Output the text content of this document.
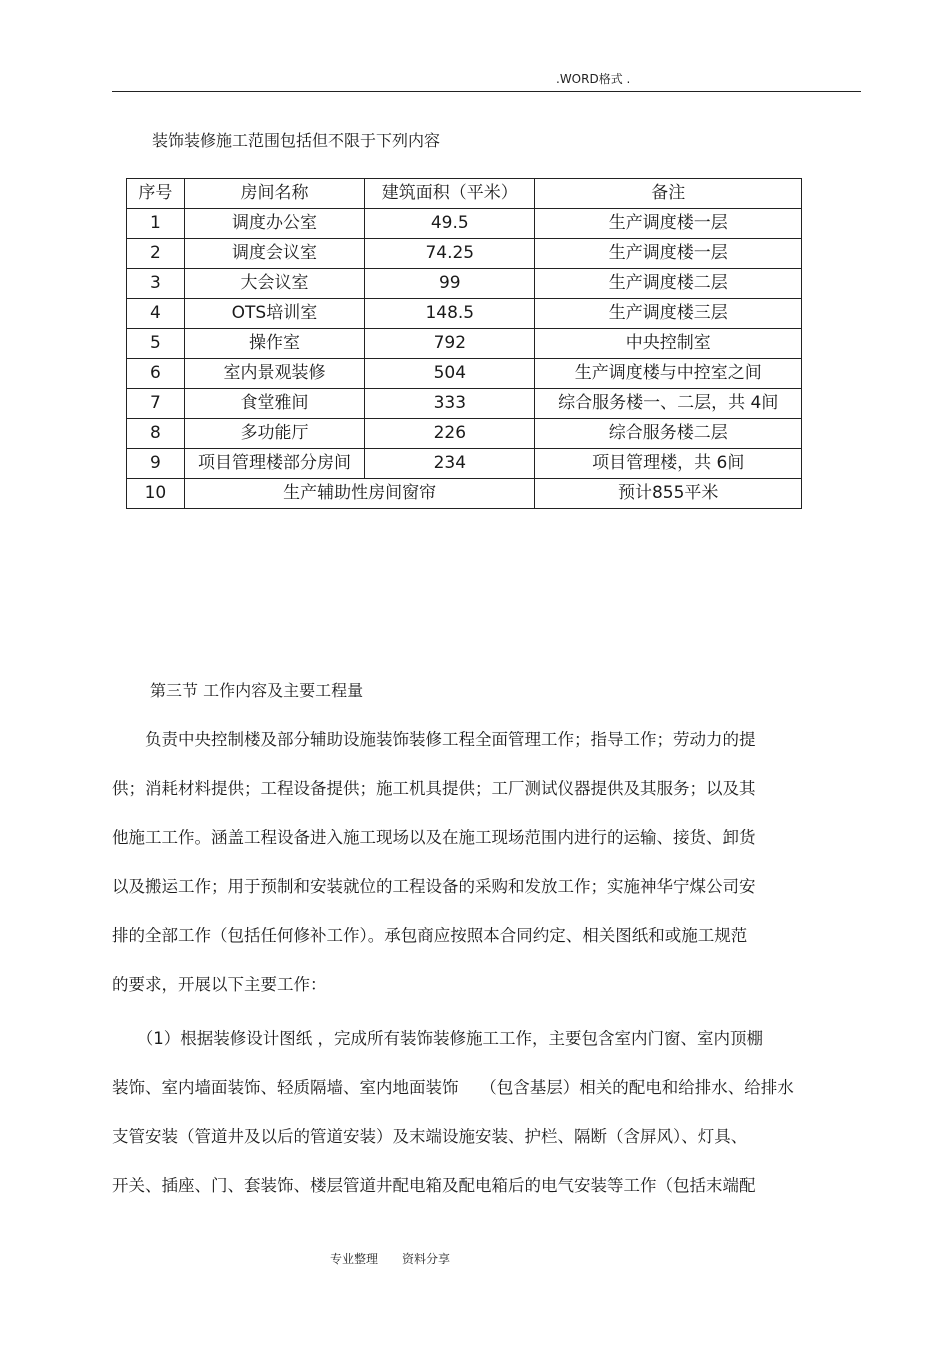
.WORD格式 .
装饰装修施工范围包括但不限于下列内容
序号	房间名称	建筑面积（平米）	备注
1	调度办公室	49.5	生产调度楼一层
2	调度会议室	74.25	生产调度楼一层
3	大会议室	99	生产调度楼二层
4	OTS培训室	148.5	生产调度楼三层
5	操作室	792	中央控制室
6	室内景观装修	504	生产调度楼与中控室之间
7	食堂雅间	333	综合服务楼一、二层，共 4间
8	多功能厅	226	综合服务楼二层
9	项目管理楼部分房间	234	项目管理楼，共 6间
10	生产辅助性房间窗帘		预计855平米
第三节 工作内容及主要工程量

　　负责中央控制楼及部分辅助设施装饰装修工程全面管理工作；指导工作；劳动力的提

供；消耗材料提供；工程设备提供；施工机具提供；工厂测试仪器提供及其服务；以及其

他施工工作。涵盖工程设备进入施工现场以及在施工现场范围内进行的运输、接货、卸货

以及搬运工作；用于预制和安装就位的工程设备的采购和发放工作；实施神华宁煤公司安

排的全部工作（包括任何修补工作）。承包商应按照本合同约定、相关图纸和或施工规范

的要求，开展以下主要工作：

　　（1）根据装修设计图纸 ，完成所有装饰装修施工工作，主要包含室内门窗、室内顶棚

装饰、室内墙面装饰、轻质隔墙、室内地面装饰　 （包含基层）相关的配电和给排水、给排水

支管安装（管道井及以后的管道安装）及末端设施安装、护栏、隔断（含屏风）、灯具、

开关、插座、门、套装饰、楼层管道井配电箱及配电箱后的电气安装等工作（包括末端配

专业整理　　资料分享
